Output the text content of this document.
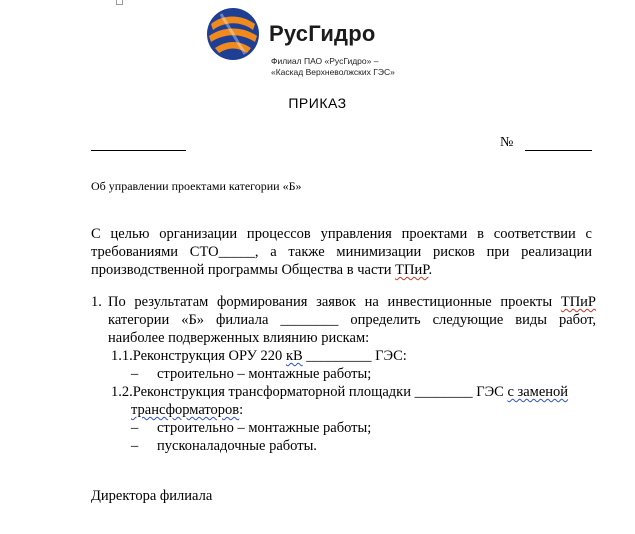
РусГидро
Филиал ПАО «РусГидро» –
«Каскад Верхневолжских ГЭС»
ПРИКАЗ
№
Об управлении проектами категории «Б»
С целью организации процессов управления проектами в соответствии с требованиями СТО_____, а также минимизации рисков при реализации производственной программы Общества в части ТПиР.
1. По результатам формирования заявок на инвестиционные проекты ТПиР категории «Б» филиала ________ определить следующие виды работ, наиболее подверженных влиянию рискам:
1.1.Реконструкция ОРУ 220 кВ _________ ГЭС:
– строительно – монтажные работы;
1.2.Реконструкция трансформаторной площадки ________ ГЭС с заменой
трансформаторов:
– строительно – монтажные работы;
– пусконаладочные работы.
Директора филиала
